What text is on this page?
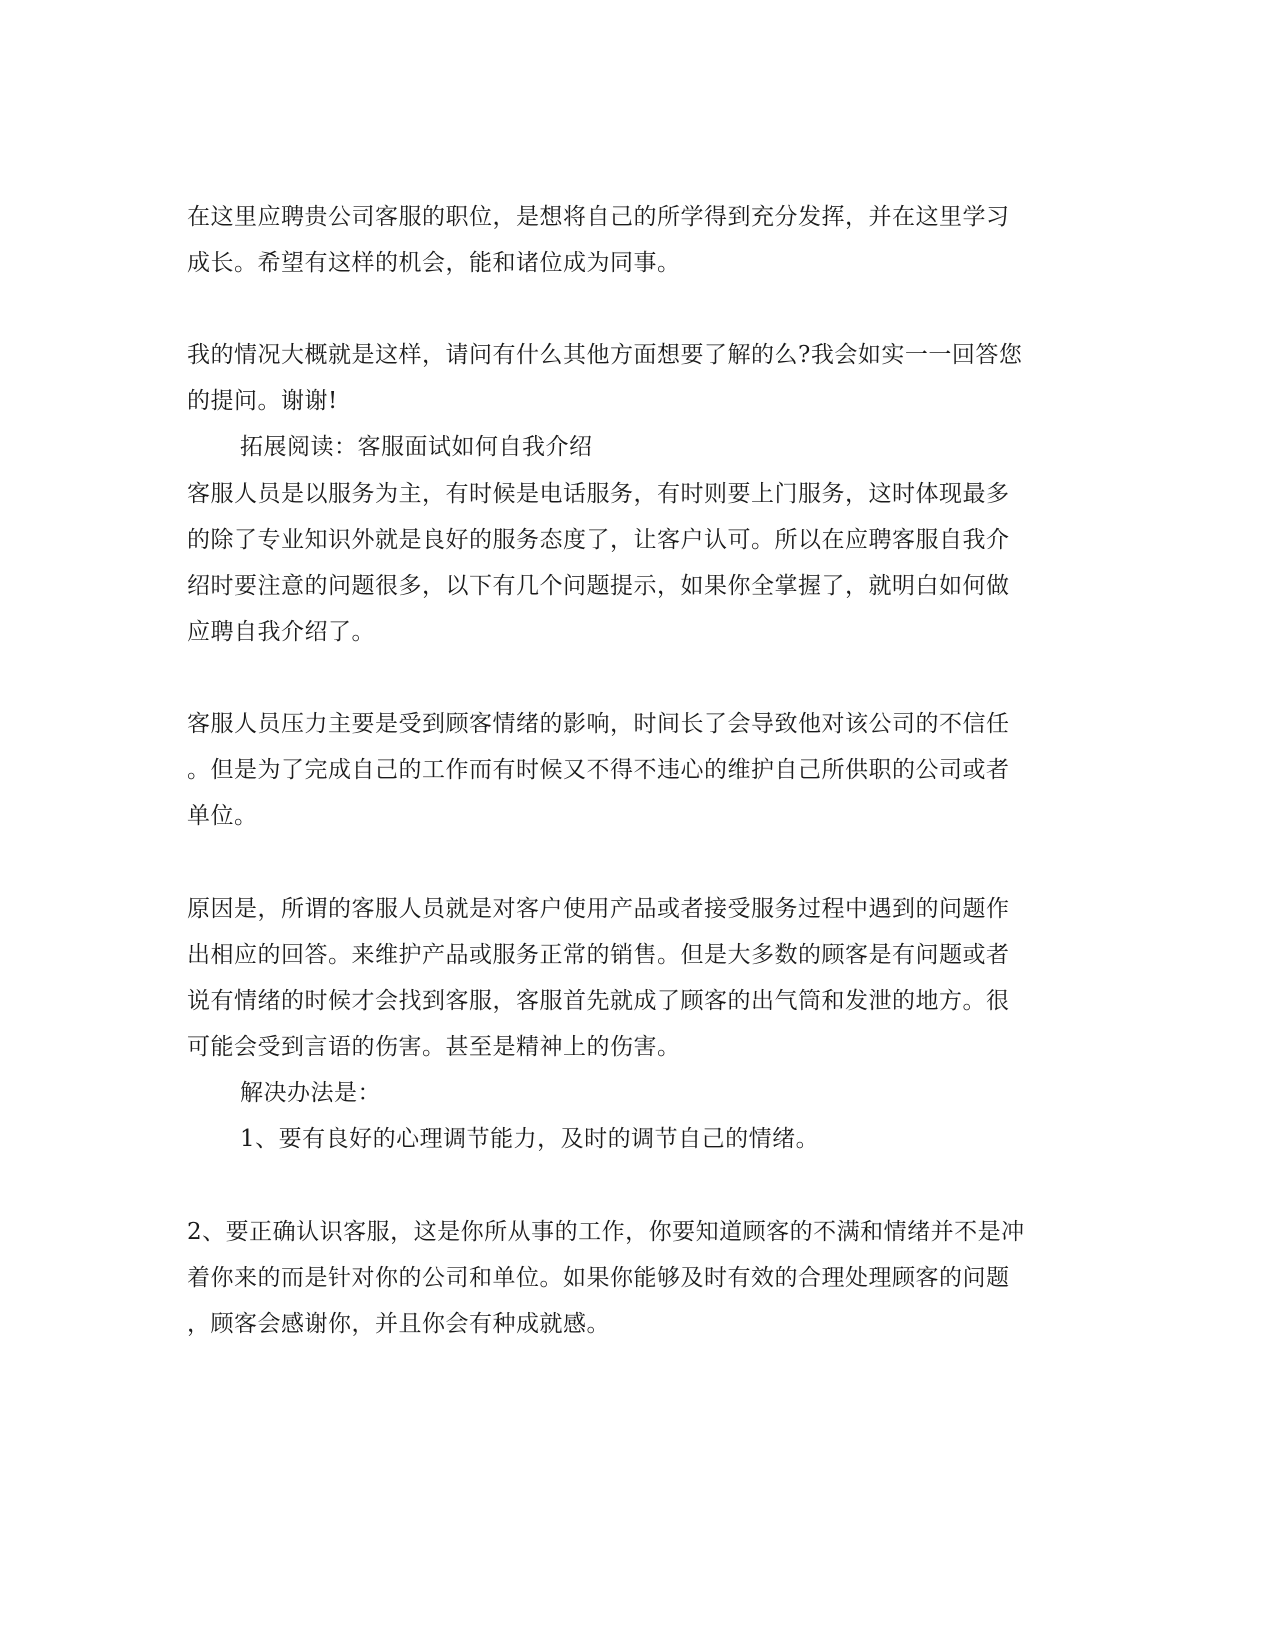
在这里应聘贵公司客服的职位，是想将自己的所学得到充分发挥，并在这里学习
成长。希望有这样的机会，能和诸位成为同事。
我的情况大概就是这样，请问有什么其他方面想要了解的么?我会如实一一回答您
的提问。谢谢!
拓展阅读：客服面试如何自我介绍
客服人员是以服务为主，有时候是电话服务，有时则要上门服务，这时体现最多
的除了专业知识外就是良好的服务态度了，让客户认可。所以在应聘客服自我介
绍时要注意的问题很多，以下有几个问题提示，如果你全掌握了，就明白如何做
应聘自我介绍了。
客服人员压力主要是受到顾客情绪的影响，时间长了会导致他对该公司的不信任
。但是为了完成自己的工作而有时候又不得不违心的维护自己所供职的公司或者
单位。
原因是，所谓的客服人员就是对客户使用产品或者接受服务过程中遇到的问题作
出相应的回答。来维护产品或服务正常的销售。但是大多数的顾客是有问题或者
说有情绪的时候才会找到客服，客服首先就成了顾客的出气筒和发泄的地方。很
可能会受到言语的伤害。甚至是精神上的伤害。
解决办法是：
1、要有良好的心理调节能力，及时的调节自己的情绪。
2、要正确认识客服，这是你所从事的工作，你要知道顾客的不满和情绪并不是冲
着你来的而是针对你的公司和单位。如果你能够及时有效的合理处理顾客的问题
，顾客会感谢你，并且你会有种成就感。
